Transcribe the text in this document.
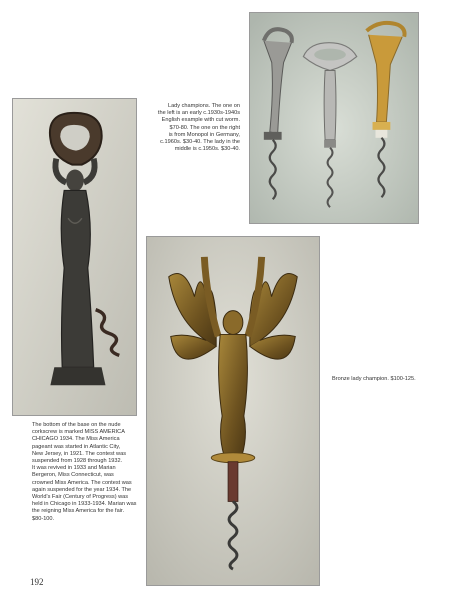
Lady champions. The one on
the left is an early c.1930s-1940s
English example with cut worm.
$70-80. The one on the right
is from Monopol in Germany,
c.1960s. $30-40. The lady in the
middle is c.1950s. $30-40.
The bottom of the base on the nude
corkscrew is marked MISS AMERICA
CHICAGO 1934. The Miss America
pageant was started in Atlantic City,
New Jersey, in 1921. The contest was
suspended from 1928 through 1932.
It was revived in 1933 and Marian
Bergeron, Miss Connecticut, was
crowned Miss America. The contest was
again suspended for the year 1934. The
World's Fair (Century of Progress) was
held in Chicago in 1933-1934. Marian was
the reigning Miss America for the fair.
$80-100.
Bronze lady champion. $100-125.
192
